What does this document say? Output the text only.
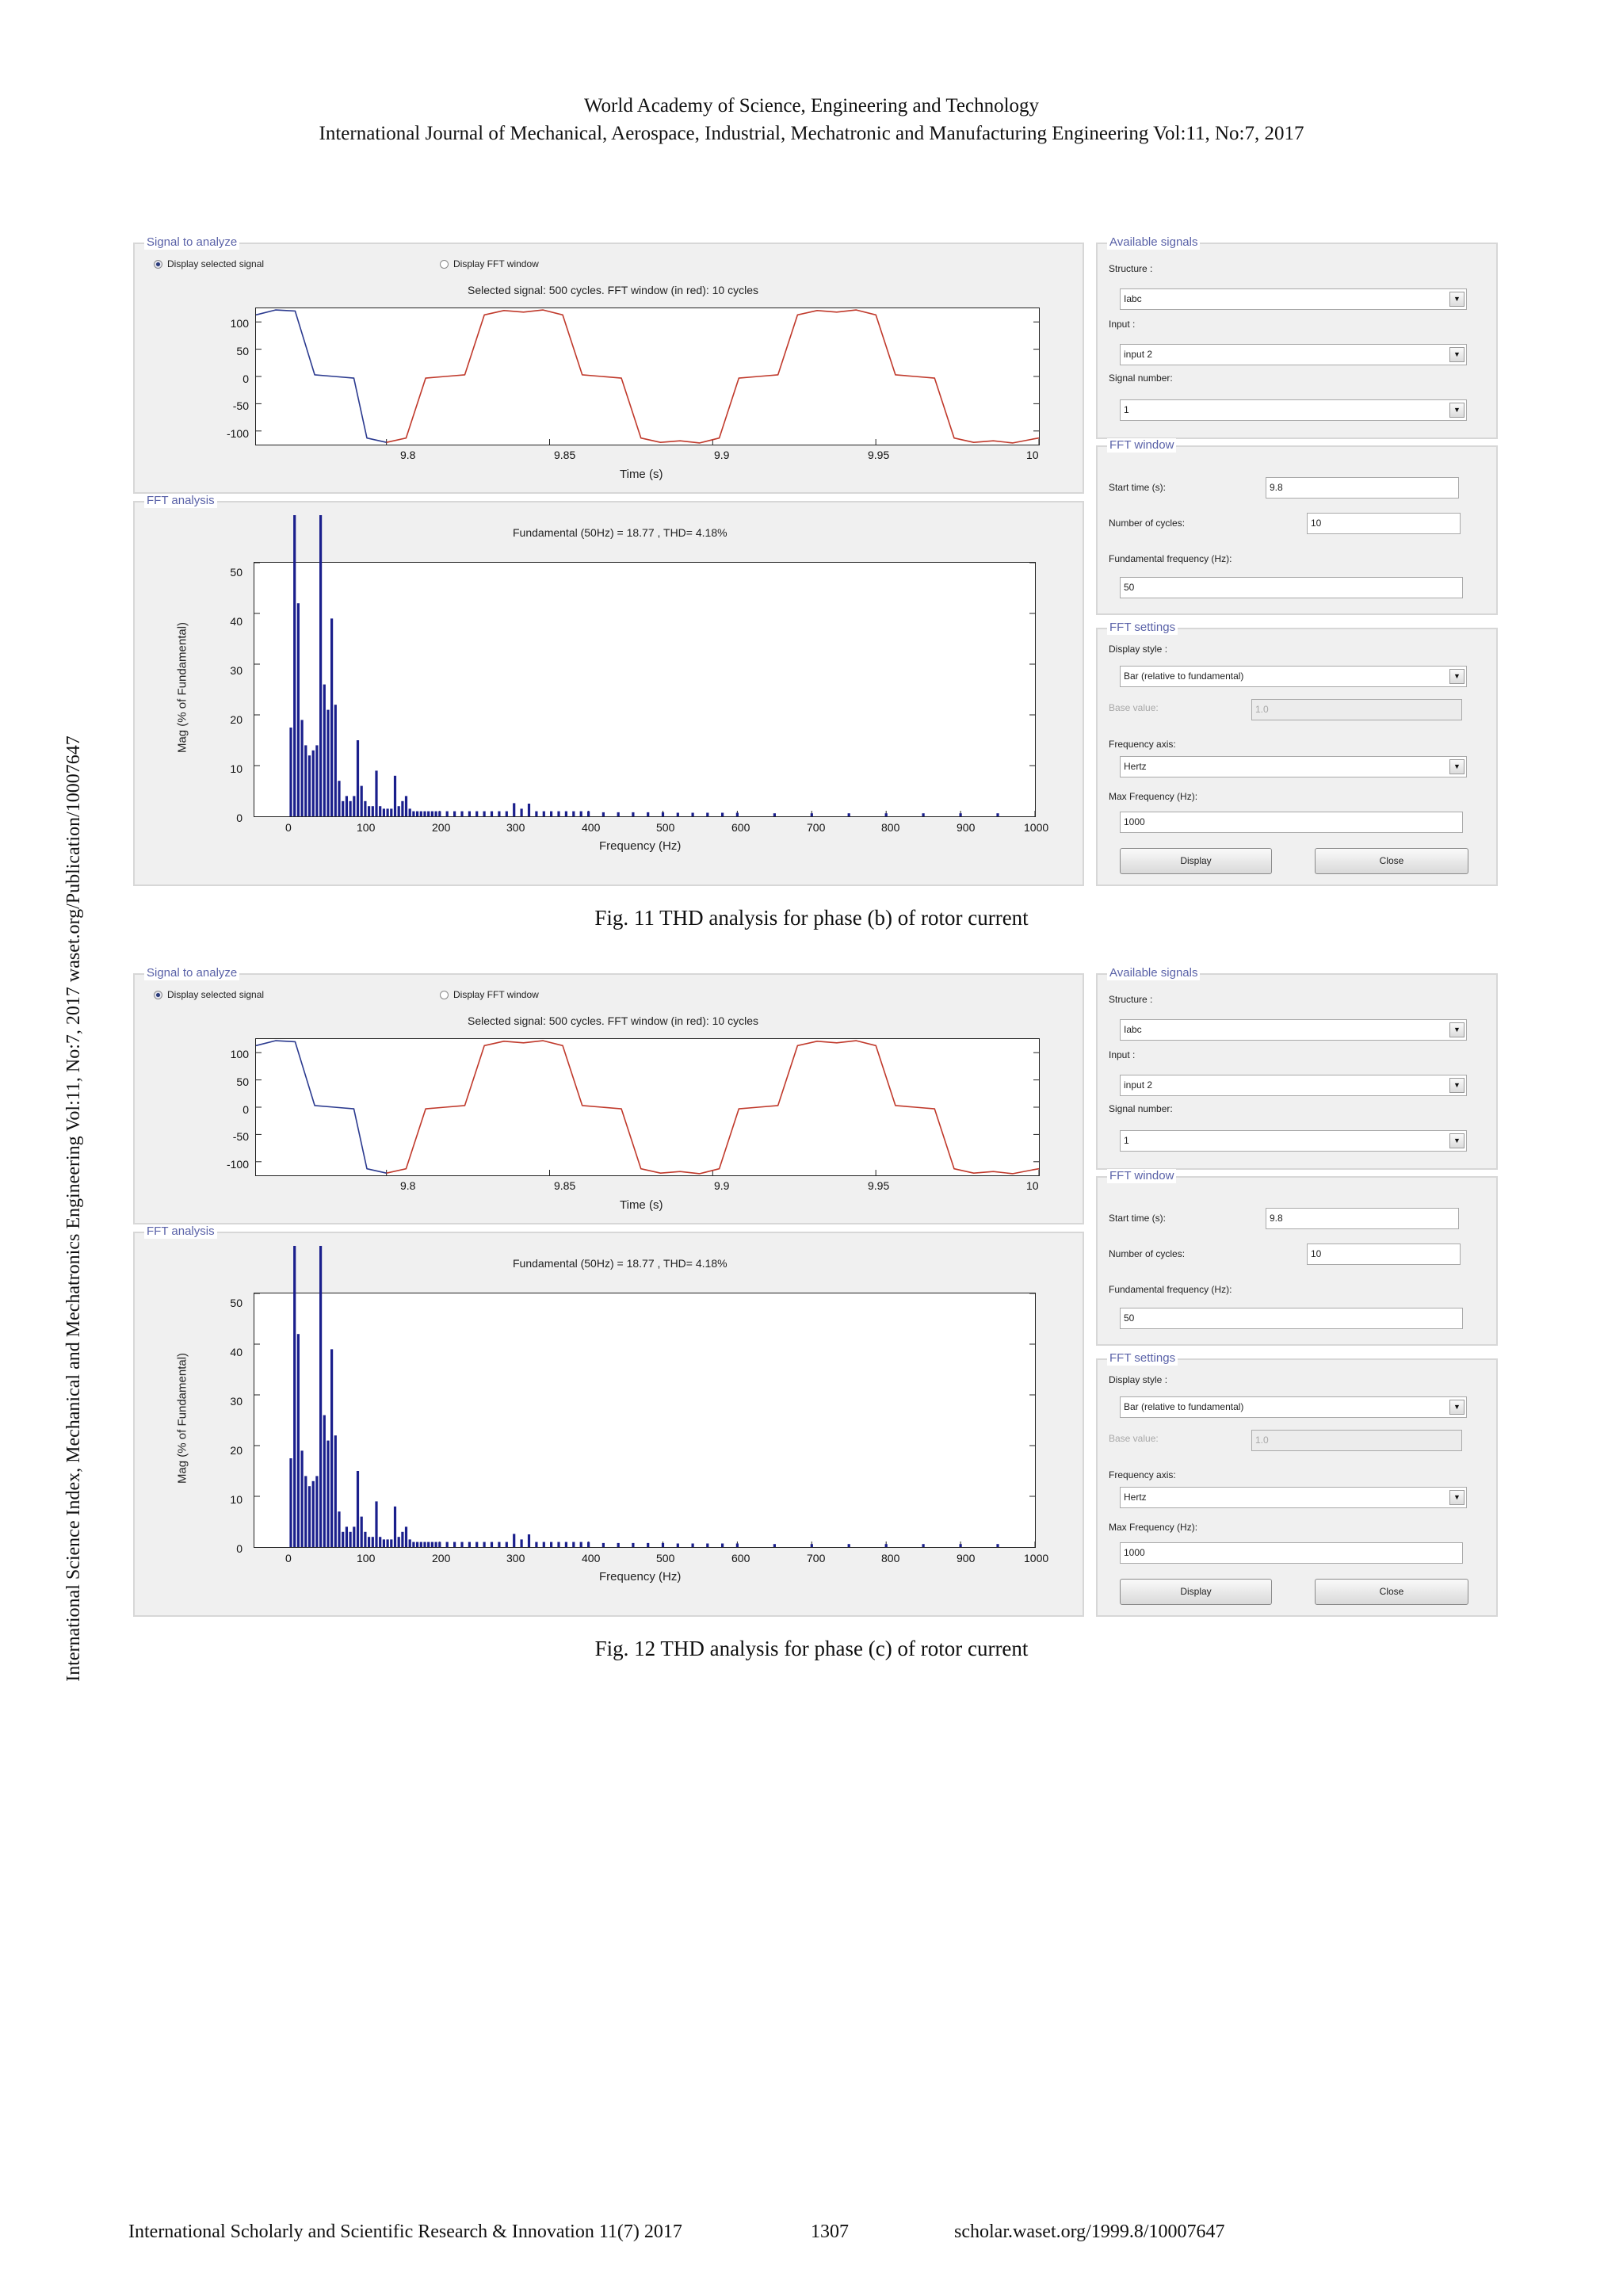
World Academy of Science, Engineering and Technology
International Journal of Mechanical, Aerospace, Industrial, Mechatronic and Manufacturing Engineering Vol:11, No:7, 2017
International Science Index, Mechanical and Mechatronics Engineering Vol:11, No:7, 2017 waset.org/Publication/10007647
Signal to analyze
Display selected signal	Display FFT window
Selected signal: 500 cycles. FFT window (in red): 10 cycles
100
50
0
-50
-100
9.8	9.85	9.9	9.95	10
Time (s)
FFT analysis
Fundamental (50Hz) = 18.77 , THD= 4.18%
50
40
30
20
10
0
0	100	200	300	400	500	600	700	800	900	1000
Frequency (Hz)
Mag (% of Fundamental)
Available signals
Structure :
Iabc	▼
Input :
input 2	▼
Signal number:
1	▼
FFT window
Start time (s):	9.8
Number of cycles:	10
Fundamental frequency (Hz):
50
FFT settings
Display style :
Bar (relative to fundamental)	▼
Base value:	1.0
Frequency axis:
Hertz	▼
Max Frequency (Hz):
1000
Display	Close
Fig. 11 THD analysis for phase (b) of rotor current
Signal to analyze
Display selected signal	Display FFT window
Selected signal: 500 cycles. FFT window (in red): 10 cycles
100
50
0
-50
-100
9.8	9.85	9.9	9.95	10
Time (s)
FFT analysis
Fundamental (50Hz) = 18.77 , THD= 4.18%
50
40
30
20
10
0
0	100	200	300	400	500	600	700	800	900	1000
Frequency (Hz)
Mag (% of Fundamental)
Available signals
Structure :
Iabc	▼
Input :
input 2	▼
Signal number:
1	▼
FFT window
Start time (s):	9.8
Number of cycles:	10
Fundamental frequency (Hz):
50
FFT settings
Display style :
Bar (relative to fundamental)	▼
Base value:	1.0
Frequency axis:
Hertz	▼
Max Frequency (Hz):
1000
Display	Close
Fig. 12 THD analysis for phase (c) of rotor current
International Scholarly and Scientific Research & Innovation 11(7) 2017	1307	scholar.waset.org/1999.8/10007647
